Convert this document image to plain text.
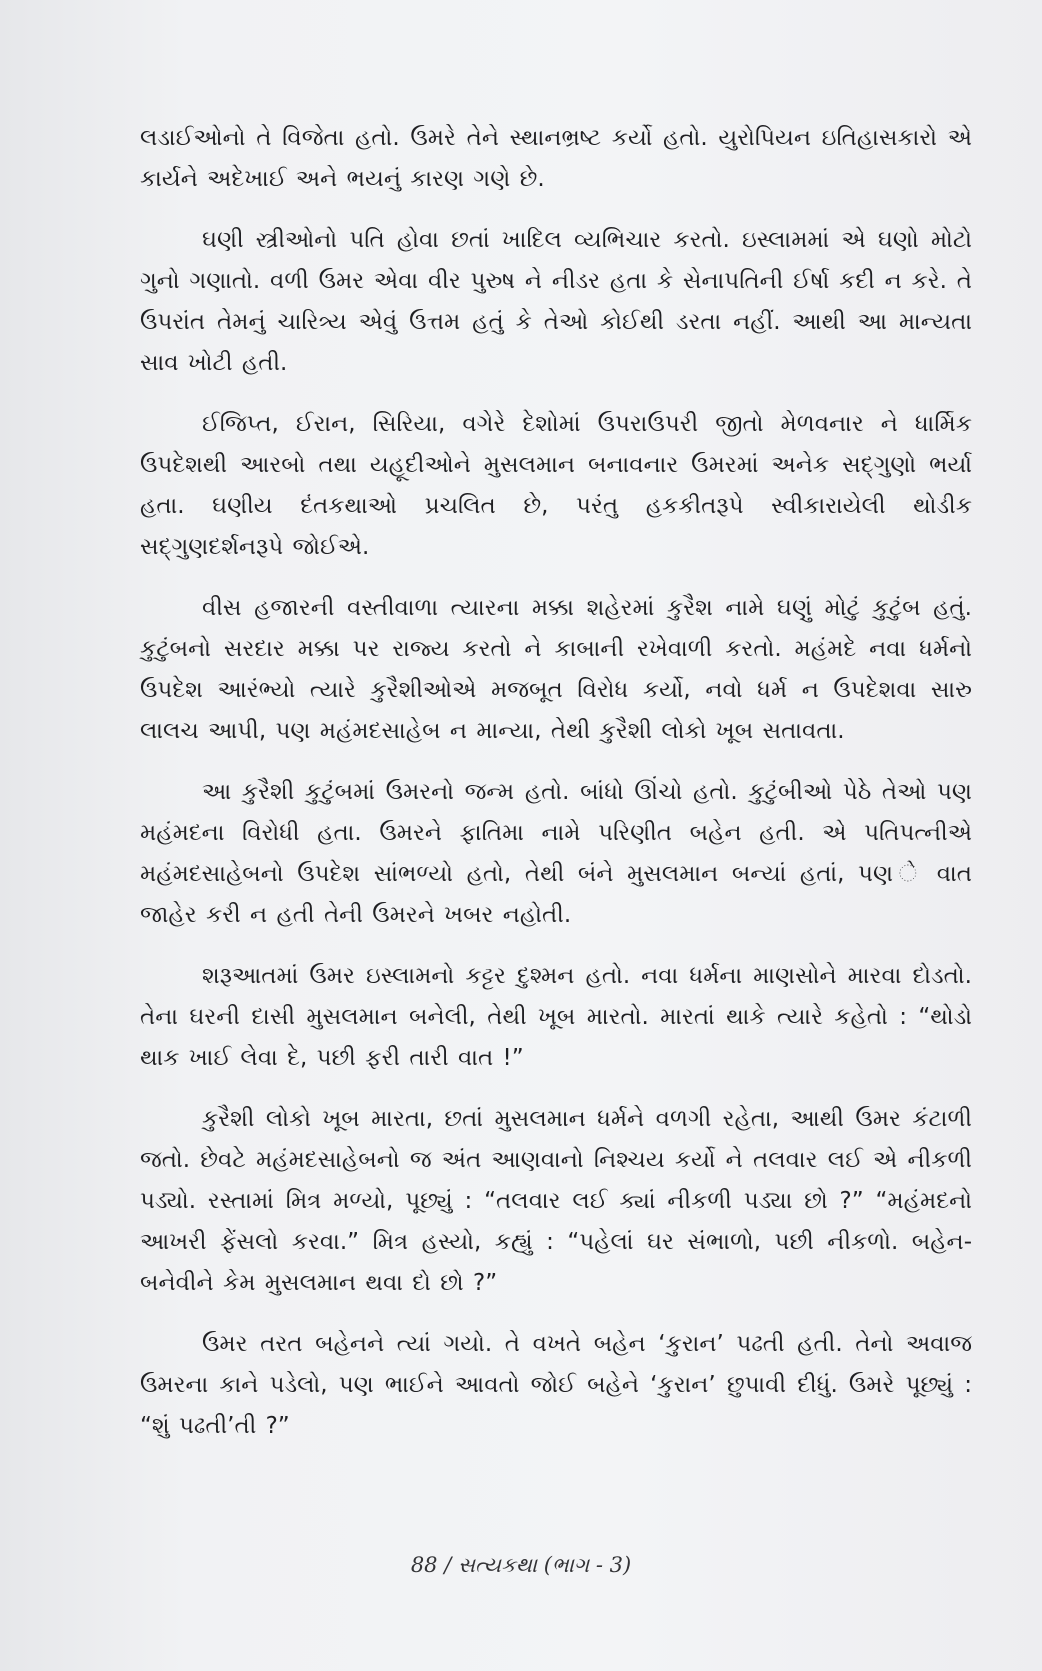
લડાઈઓનો તે વિજેતા હતો. ઉમરે તેને સ્થાનભ્રષ્ટ કર્યો હતો. યુરોપિયન ઇતિહાસકારો એ કાર્યને અદેખાઈ અને ભયનું કારણ ગણે છે.

ઘણી સ્ત્રીઓનો પતિ હોવા છતાં ખાદિલ વ્યભિચાર કરતો. ઇસ્લામમાં એ ઘણો મોટો ગુનો ગણાતો. વળી ઉમર એવા વીર પુરુષ ને નીડર હતા કે સેનાપતિની ઈર્ષા કદી ન કરે. તે ઉપરાંત તેમનું ચારિત્ર્ય એવું ઉત્તમ હતું કે તેઓ કોઈથી ડરતા નહીં. આથી આ માન્યતા સાવ ખોટી હતી.

ઈજિપ્ત, ઈરાન, સિરિયા, વગેરે દેશોમાં ઉપરાઉપરી જીતો મેળવનાર ને ધાર્મિક ઉપદેશથી આરબો તથા યહૂદીઓને મુસલમાન બનાવનાર ઉમરમાં અનેક સદ્ગુણો ભર્યા હતા. ઘણીય દંતકથાઓ પ્રચલિત છે, પરંતુ હકકીતરૂપે સ્વીકારાયેલી થોડીક સદ્ગુણદર્શનરૂપે જોઈએ.

વીસ હજારની વસ્તીવાળા ત્યારના મક્કા શહેરમાં કુરૈશ નામે ઘણું મોટું કુટુંબ હતું. કુટુંબનો સરદાર મક્કા પર રાજ્ય કરતો ને કાબાની રખેવાળી કરતો. મહંમદે નવા ધર્મનો ઉપદેશ આરંભ્યો ત્યારે કુરૈશીઓએ મજબૂત વિરોધ કર્યો, નવો ધર્મ ન ઉપદેશવા સારુ લાલચ આપી, પણ મહંમદસાહેબ ન માન્યા, તેથી કુરૈશી લોકો ખૂબ સતાવતા.

આ કુરૈશી કુટુંબમાં ઉમરનો જન્મ હતો. બાંધો ઊંચો હતો. કુટુંબીઓ પેઠે તેઓ પણ મહંમદના વિરોધી હતા. ઉમરને ફાતિમા નામે પરિણીત બહેન હતી. એ પતિપત્નીએ મહંમદસાહેબનો ઉપદેશ સાંભળ્યો હતો, તેથી બંને મુસલમાન બન્યાં હતાં, પણ ે વાત જાહેર કરી ન હતી તેની ઉમરને ખબર નહોતી.

શરૂઆતમાં ઉમર ઇસ્લામનો કટ્ટર દુશ્મન હતો. નવા ધર્મના માણસોને મારવા દોડતો. તેના ઘરની દાસી મુસલમાન બનેલી, તેથી ખૂબ મારતો. મારતાં થાકે ત્યારે કહેતો : “થોડો થાક ખાઈ લેવા દે, પછી ફરી તારી વાત !”

કુરૈશી લોકો ખૂબ મારતા, છતાં મુસલમાન ધર્મને વળગી રહેતા, આથી ઉમર કંટાળી જતો. છેવટે મહંમદસાહેબનો જ અંત આણવાનો નિશ્ચય કર્યો ને તલવાર લઈ એ નીકળી પડ્યો. રસ્તામાં મિત્ર મળ્યો, પૂછ્યું : “તલવાર લઈ ક્યાં નીકળી પડ્યા છો ?” “મહંમદનો આખરી ફેંસલો કરવા.” મિત્ર હસ્યો, કહ્યું : “પહેલાં ઘર સંભાળો, પછી નીકળો. બહેન-બનેવીને કેમ મુસલમાન થવા દો છો ?”

ઉમર તરત બહેનને ત્યાં ગયો. તે વખતે બહેન ‘કુરાન’ પઢતી હતી. તેનો અવાજ ઉમરના કાને પડેલો, પણ ભાઈને આવતો જોઈ બહેને ‘કુરાન’ છુપાવી દીધું. ઉમરે પૂછ્યું : “શું પઢતી’તી ?”

88 / સત્યકથા (ભાગ - 3)
